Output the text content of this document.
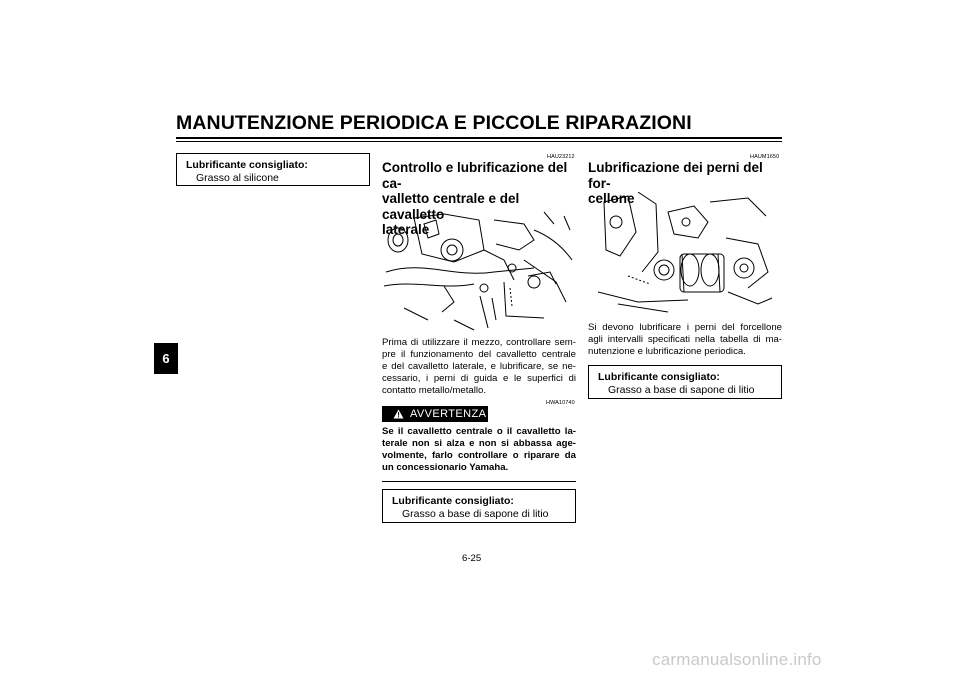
MANUTENZIONE PERIODICA E PICCOLE RIPARAZIONI
6
Lubrificante consigliato:
Grasso al silicone
HAU23212
Controllo e lubrificazione del ca-
valletto centrale e del cavalletto
laterale
Prima di utilizzare il mezzo, controllare sem-
pre il funzionamento del cavalletto centrale
e del cavalletto laterale, e lubrificare, se ne-
cessario, i perni di guida e le superfici di
contatto metallo/metallo.
HWA10740
AVVERTENZA
Se il cavalletto centrale o il cavalletto la-
terale non si alza e non si abbassa age-
volmente, farlo controllare o riparare da
un concessionario Yamaha.
Lubrificante consigliato:
Grasso a base di sapone di litio
HAUM1650
Lubrificazione dei perni del for-
cellone
Si devono lubrificare i perni del forcellone
agli intervalli specificati nella tabella di ma-
nutenzione e lubrificazione periodica.
Lubrificante consigliato:
Grasso a base di sapone di litio
6-25
carmanualsonline.info
